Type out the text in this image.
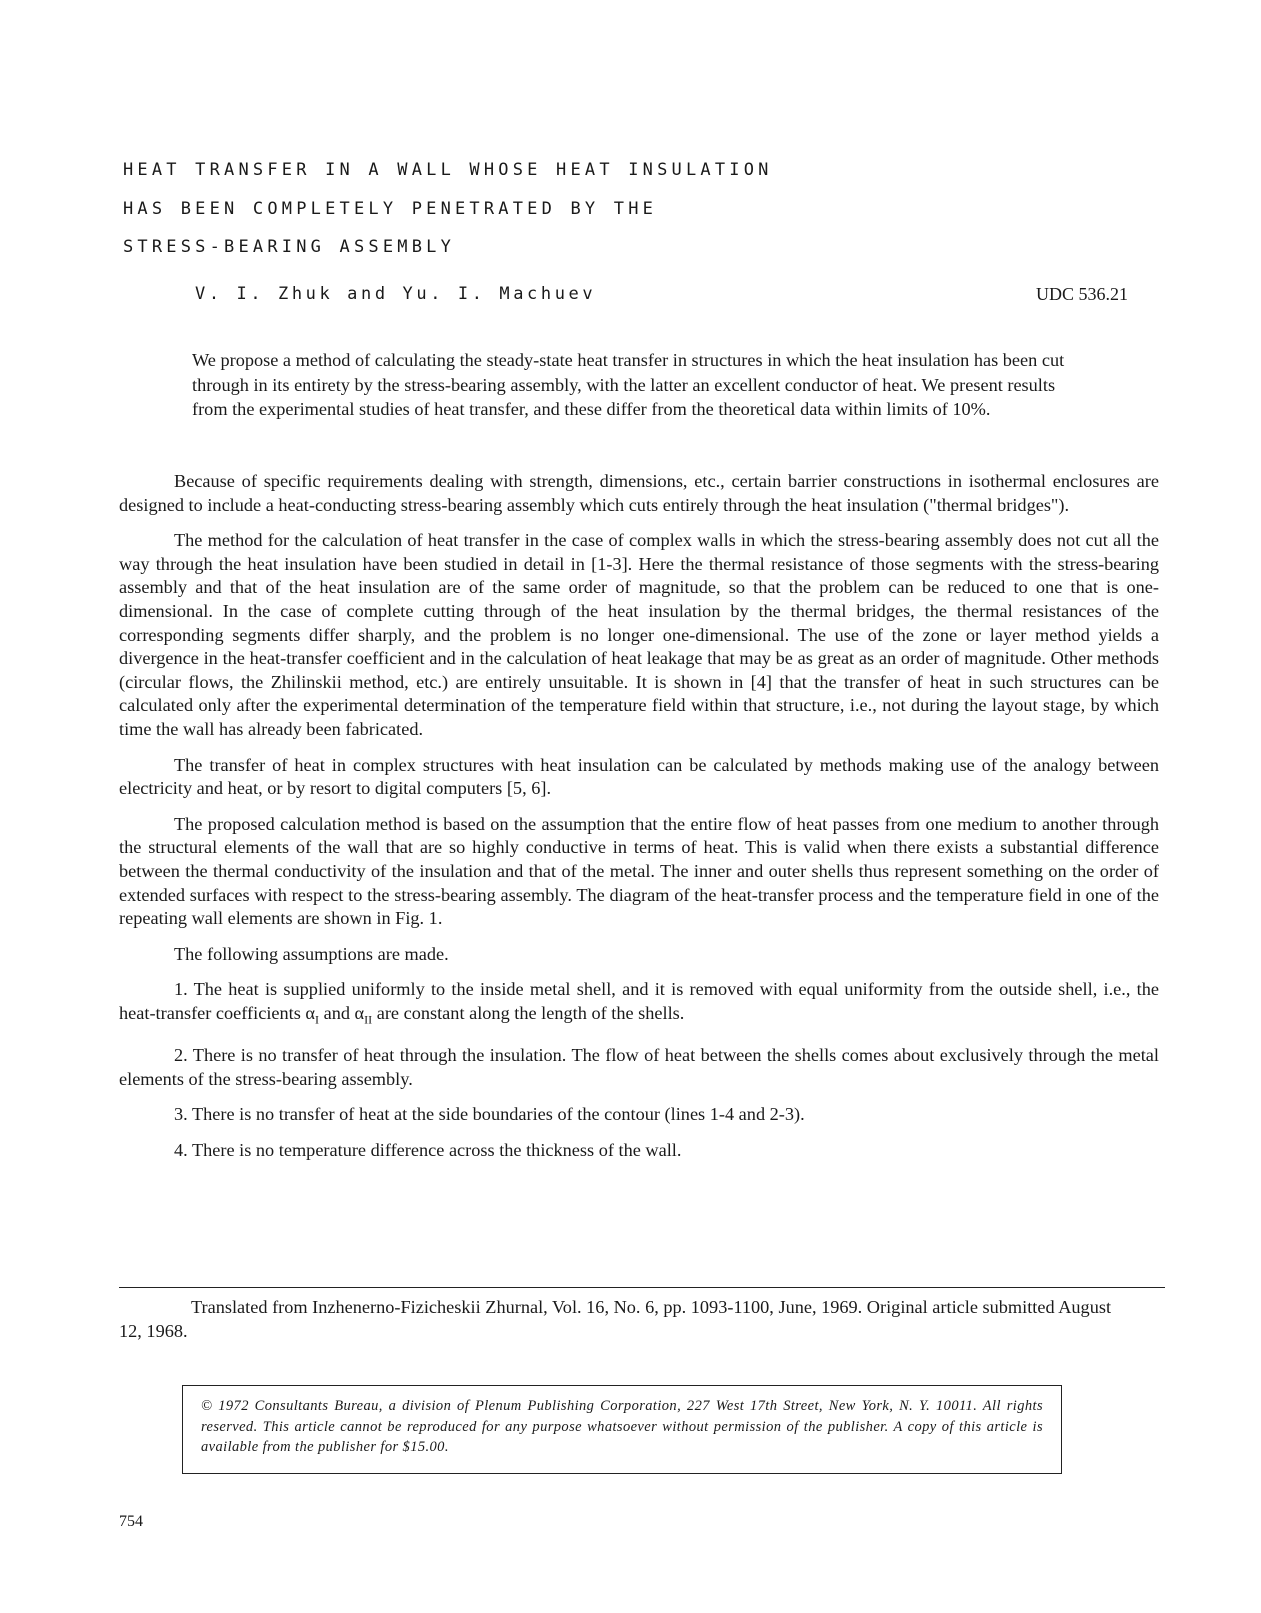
HEAT TRANSFER IN A WALL WHOSE HEAT INSULATION
HAS BEEN COMPLETELY PENETRATED BY THE
STRESS-BEARING ASSEMBLY
V. I. Zhuk and Yu. I. Machuev	UDC 536.21
We propose a method of calculating the steady-state heat transfer in structures in which the heat insulation has been cut through in its entirety by the stress-bearing assembly, with the latter an excellent conductor of heat. We present results from the experimental studies of heat transfer, and these differ from the theoretical data within limits of 10%.

Because of specific requirements dealing with strength, dimensions, etc., certain barrier constructions in isothermal enclosures are designed to include a heat-conducting stress-bearing assembly which cuts entirely through the heat insulation ("thermal bridges").

The method for the calculation of heat transfer in the case of complex walls in which the stress-bearing assembly does not cut all the way through the heat insulation have been studied in detail in [1-3]. Here the thermal resistance of those segments with the stress-bearing assembly and that of the heat insulation are of the same order of magnitude, so that the problem can be reduced to one that is one-dimensional. In the case of complete cutting through of the heat insulation by the thermal bridges, the thermal resistances of the corresponding segments differ sharply, and the problem is no longer one-dimensional. The use of the zone or layer method yields a divergence in the heat-transfer coefficient and in the calculation of heat leakage that may be as great as an order of magnitude. Other methods (circular flows, the Zhilinskii method, etc.) are entirely unsuitable. It is shown in [4] that the transfer of heat in such structures can be calculated only after the experimental determination of the temperature field within that structure, i.e., not during the layout stage, by which time the wall has already been fabricated.

The transfer of heat in complex structures with heat insulation can be calculated by methods making use of the analogy between electricity and heat, or by resort to digital computers [5, 6].

The proposed calculation method is based on the assumption that the entire flow of heat passes from one medium to another through the structural elements of the wall that are so highly conductive in terms of heat. This is valid when there exists a substantial difference between the thermal conductivity of the insulation and that of the metal. The inner and outer shells thus represent something on the order of extended surfaces with respect to the stress-bearing assembly. The diagram of the heat-transfer process and the temperature field in one of the repeating wall elements are shown in Fig. 1.

The following assumptions are made.

1. The heat is supplied uniformly to the inside metal shell, and it is removed with equal uniformity from the outside shell, i.e., the heat-transfer coefficients $\alpha_I$ and $\alpha_{II}$ are constant along the length of the shells.

2. There is no transfer of heat through the insulation. The flow of heat between the shells comes about exclusively through the metal elements of the stress-bearing assembly.

3. There is no transfer of heat at the side boundaries of the contour (lines 1-4 and 2-3).

4. There is no temperature difference across the thickness of the wall.

Translated from Inzhenerno-Fizicheskii Zhurnal, Vol. 16, No. 6, pp. 1093-1100, June, 1969. Original article submitted August 12, 1968.

© 1972 Consultants Bureau, a division of Plenum Publishing Corporation, 227 West 17th Street, New York, N. Y. 10011. All rights reserved. This article cannot be reproduced for any purpose whatsoever without permission of the publisher. A copy of this article is available from the publisher for $15.00.

754
